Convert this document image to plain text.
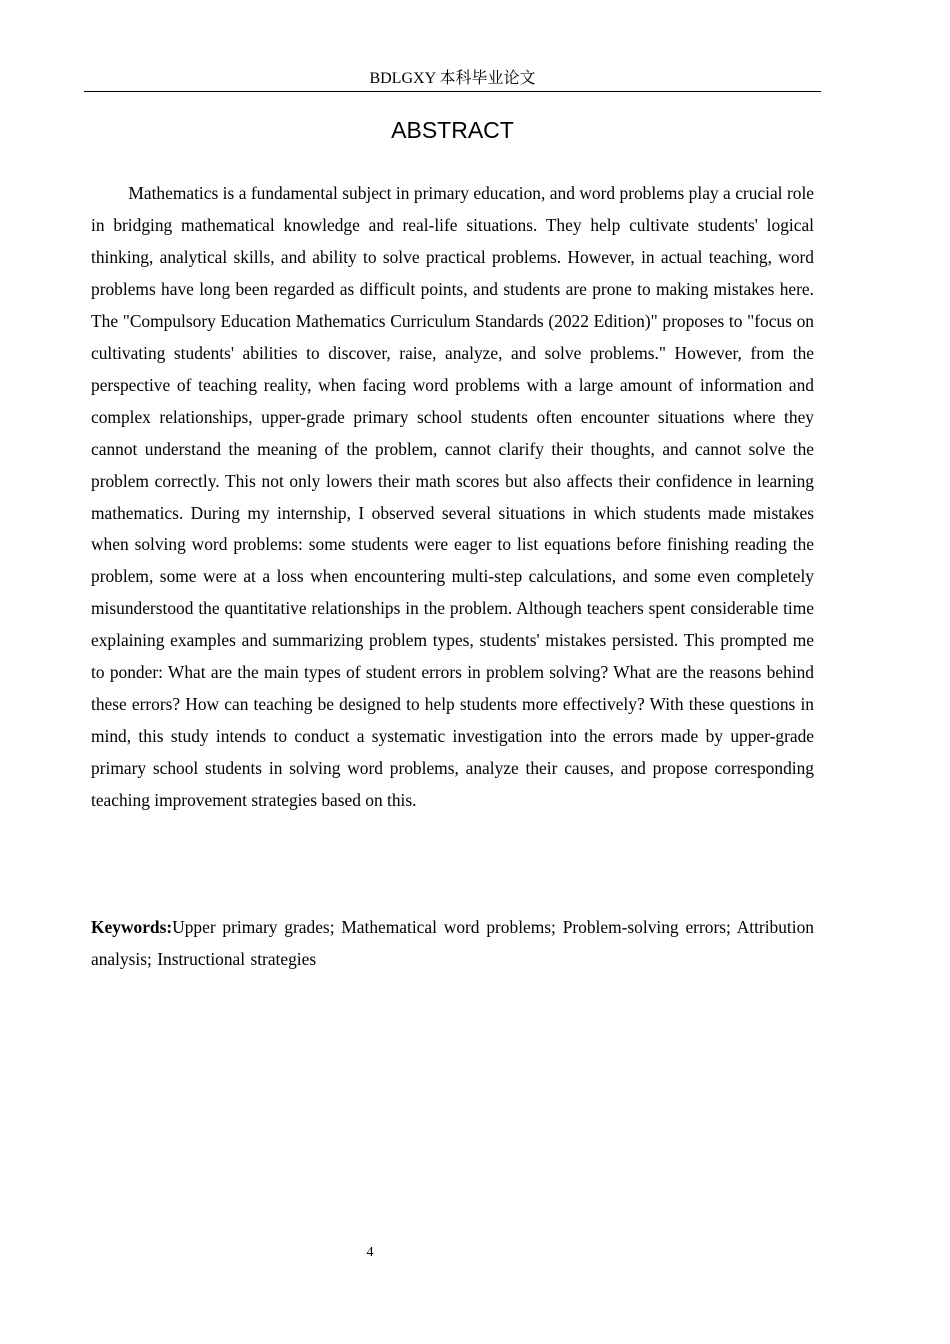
BDLGXY 本科毕业论文
ABSTRACT

Mathematics is a fundamental subject in primary education, and word problems play a crucial role in bridging mathematical knowledge and real-life situations. They help cultivate students' logical thinking, analytical skills, and ability to solve practical problems. However, in actual teaching, word problems have long been regarded as difficult points, and students are prone to making mistakes here. The "Compulsory Education Mathematics Curriculum Standards (2022 Edition)" proposes to "focus on cultivating students' abilities to discover, raise, analyze, and solve problems." However, from the perspective of teaching reality, when facing word problems with a large amount of information and complex relationships, upper-grade primary school students often encounter situations where they cannot understand the meaning of the problem, cannot clarify their thoughts, and cannot solve the problem correctly. This not only lowers their math scores but also affects their confidence in learning mathematics. During my internship, I observed several situations in which students made mistakes when solving word problems: some students were eager to list equations before finishing reading the problem, some were at a loss when encountering multi-step calculations, and some even completely misunderstood the quantitative relationships in the problem. Although teachers spent considerable time explaining examples and summarizing problem types, students' mistakes persisted. This prompted me to ponder: What are the main types of student errors in problem solving? What are the reasons behind these errors? How can teaching be designed to help students more effectively? With these questions in mind, this study intends to conduct a systematic investigation into the errors made by upper-grade primary school students in solving word problems, analyze their causes, and propose corresponding teaching improvement strategies based on this.

Keywords:Upper primary grades; Mathematical word problems; Problem-solving errors; Attribution analysis; Instructional strategies

4
